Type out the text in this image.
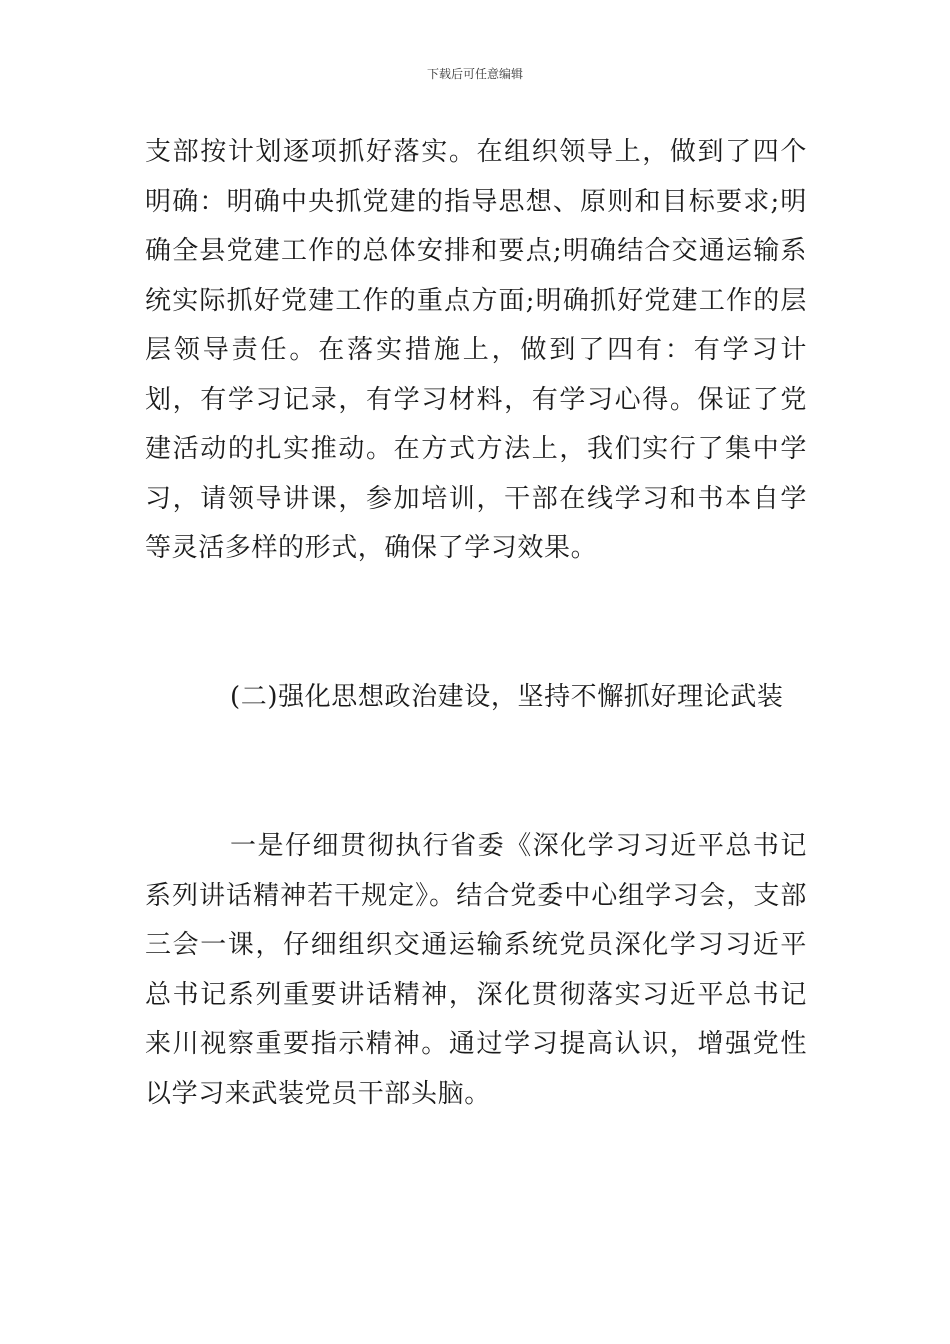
下载后可任意编辑

支部按计划逐项抓好落实。在组织领导上，做到了四个明确：明确中央抓党建的指导思想、原则和目标要求;明确全县党建工作的总体安排和要点;明确结合交通运输系统实际抓好党建工作的重点方面;明确抓好党建工作的层层领导责任。在落实措施上，做到了四有：有学习计划，有学习记录，有学习材料，有学习心得。保证了党建活动的扎实推动。在方式方法上，我们实行了集中学习，请领导讲课，参加培训，干部在线学习和书本自学等灵活多样的形式，确保了学习效果。

(二)强化思想政治建设，坚持不懈抓好理论武装

一是仔细贯彻执行省委《深化学习习近平总书记系列讲话精神若干规定》。结合党委中心组学习会，支部三会一课，仔细组织交通运输系统党员深化学习习近平总书记系列重要讲话精神，深化贯彻落实习近平总书记来川视察重要指示精神。通过学习提高认识，增强党性以学习来武装党员干部头脑。
